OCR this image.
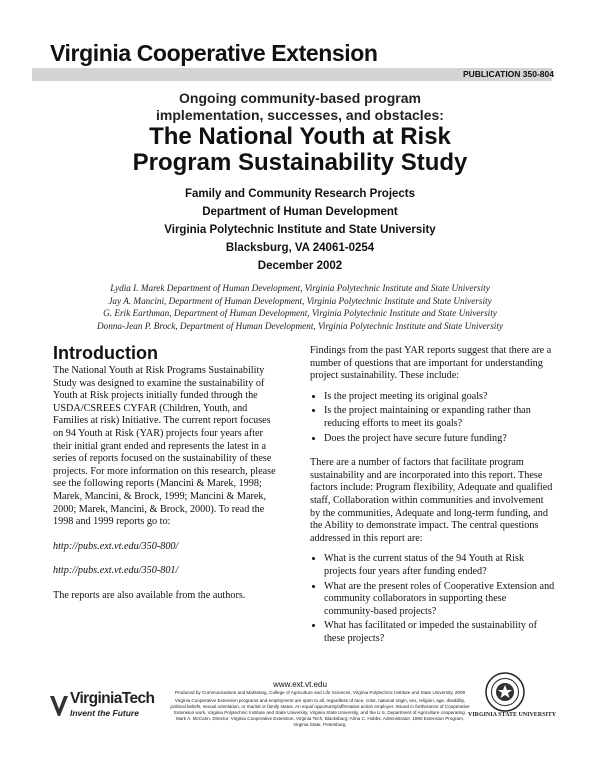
Virginia Cooperative Extension
PUBLICATION 350-804
Ongoing community-based program
implementation, successes, and obstacles:
The National Youth at Risk
Program Sustainability Study
Family and Community Research Projects
Department of Human Development
Virginia Polytechnic Institute and State University
Blacksburg, VA 24061-0254
December 2002
Lydia I. Marek Department of Human Development, Virginia Polytechnic Institute and State University
Jay A. Mancini, Department of Human Development, Virginia Polytechnic Institute and State University
G. Erik Earthman, Department of Human Development, Virginia Polytechnic Institute and State University
Donna-Jean P. Brock, Department of Human Development, Virginia Polytechnic Institute and State University
Introduction

The National Youth at Risk Programs Sustainability Study was designed to examine the sustainability of Youth at Risk projects initially funded through the USDA/CSREES CYFAR (Children, Youth, and Families at risk) Initiative. The current report focuses on 94 Youth at Risk (YAR) projects four years after their initial grant ended and represents the latest in a series of reports focused on the sustainability of these projects. For more information on this research, please see the following reports (Mancini & Marek, 1998; Marek, Mancini, & Brock, 1999; Mancini & Marek, 2000; Marek, Mancini, & Brock, 2000). To read the 1998 and 1999 reports go to:

http://pubs.ext.vt.edu/350-800/

http://pubs.ext.vt.edu/350-801/

The reports are also available from the authors.

Findings from the past YAR reports suggest that there are a number of questions that are important for understanding project sustainability. These include:

• Is the project meeting its original goals?
• Is the project maintaining or expanding rather than reducing efforts to meet its goals?
• Does the project have secure future funding?

There are a number of factors that facilitate program sustainability and are incorporated into this report. These factors include: Program flexibility, Adequate and qualified staff, Collaboration within communities and involvement by the communities, Adequate and long-term funding, and the Ability to demonstrate impact. The central questions addressed in this report are:

• What is the current status of the 94 Youth at Risk projects four years after funding ended?
• What are the present roles of Cooperative Extension and community collaborators in supporting these community-based projects?
• What has facilitated or impeded the sustainability of these projects?
www.ext.vt.edu

Produced by Communications and Marketing, College of Agriculture and Life Sciences, Virginia Polytechnic Institute and State University, 2009

Virginia Cooperative Extension programs and employment are open to all, regardless of race, color, national origin, sex, religion, age, disability, political beliefs, sexual orientation, or marital or family status. An equal opportunity/affirmative action employer. Issued in furtherance of Cooperative Extension work, Virginia Polytechnic Institute and State University, Virginia State University, and the U.S. Department of Agriculture cooperating. Mark A. McCann, Director, Virginia Cooperative Extension, Virginia Tech, Blacksburg; Alma C. Hobbs, Administrator, 1890 Extension Program, Virginia State, Petersburg.

VirginiaTech
Invent the Future	VIRGINIA STATE UNIVERSITY
